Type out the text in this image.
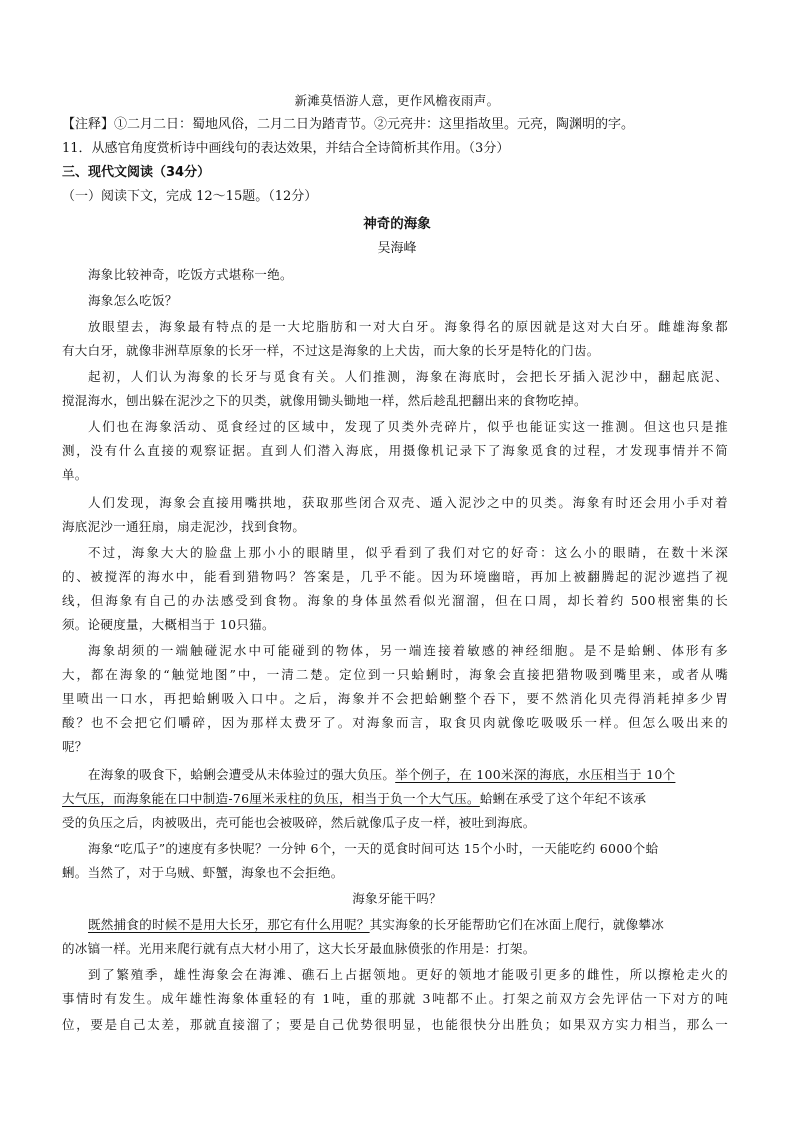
新滩莫悟游人意，更作风檐夜雨声。
【注释】①二月二日：蜀地风俗，二月二日为踏青节。②元亮井：这里指故里。元亮，陶渊明的字。
11．从感官角度赏析诗中画线句的表达效果，并结合全诗简析其作用。（3分）
三、现代文阅读（34分）
（一）阅读下文，完成 12～15题。（12分）
神奇的海象
吴海峰
海象比较神奇，吃饭方式堪称一绝。
海象怎么吃饭？
放眼望去，海象最有特点的是一大坨脂肪和一对大白牙。海象得名的原因就是这对大白牙。雌雄海象都
有大白牙，就像非洲草原象的长牙一样，不过这是海象的上犬齿，而大象的长牙是特化的门齿。
起初，人们认为海象的长牙与觅食有关。人们推测，海象在海底时，会把长牙插入泥沙中，翻起底泥、
搅混海水，刨出躲在泥沙之下的贝类，就像用锄头锄地一样，然后趁乱把翻出来的食物吃掉。
人们也在海象活动、觅食经过的区域中，发现了贝类外壳碎片，似乎也能证实这一推测。但这也只是推
测，没有什么直接的观察证据。直到人们潜入海底，用摄像机记录下了海象觅食的过程，才发现事情并不简
单。
人们发现，海象会直接用嘴拱地，获取那些闭合双壳、遁入泥沙之中的贝类。海象有时还会用小手对着
海底泥沙一通狂扇，扇走泥沙，找到食物。
不过，海象大大的脸盘上那小小的眼睛里，似乎看到了我们对它的好奇：这么小的眼睛，在数十米深
的、被搅浑的海水中，能看到猎物吗？答案是，几乎不能。因为环境幽暗，再加上被翻腾起的泥沙遮挡了视
线，但海象有自己的办法感受到食物。海象的身体虽然看似光溜溜，但在口周，却长着约 500根密集的长
须。论硬度量，大概相当于 10只猫。
海象胡须的一端触碰泥水中可能碰到的物体，另一端连接着敏感的神经细胞。是不是蛤蜊、体形有多
大，都在海象的“触觉地图”中，一清二楚。定位到一只蛤蜊时，海象会直接把猎物吸到嘴里来，或者从嘴
里喷出一口水，再把蛤蜊吸入口中。之后，海象并不会把蛤蜊整个吞下，要不然消化贝壳得消耗掉多少胃
酸？也不会把它们嚼碎，因为那样太费牙了。对海象而言，取食贝肉就像吃吸吸乐一样。但怎么吸出来的
呢？
在海象的吸食下，蛤蜊会遭受从未体验过的强大负压。举个例子，在 100米深的海底，水压相当于 10个
大气压，而海象能在口中制造-76厘米汞柱的负压，相当于负一个大气压。蛤蜊在承受了这个年纪不该承
受的负压之后，肉被吸出，壳可能也会被吸碎，然后就像瓜子皮一样，被吐到海底。
海象“吃瓜子”的速度有多快呢？一分钟 6个，一天的觅食时间可达 15个小时，一天能吃约 6000个蛤
蜊。当然了，对于乌贼、虾蟹，海象也不会拒绝。
海象牙能干吗？
既然捕食的时候不是用大长牙，那它有什么用呢？其实海象的长牙能帮助它们在冰面上爬行，就像攀冰
的冰镐一样。光用来爬行就有点大材小用了，这大长牙最血脉偾张的作用是：打架。
到了繁殖季，雄性海象会在海滩、礁石上占据领地。更好的领地才能吸引更多的雌性，所以擦枪走火的
事情时有发生。成年雄性海象体重轻的有 1吨，重的那就 3吨都不止。打架之前双方会先评估一下对方的吨
位，要是自己太差，那就直接溜了；要是自己优势很明显，也能很快分出胜负；如果双方实力相当，那么一
